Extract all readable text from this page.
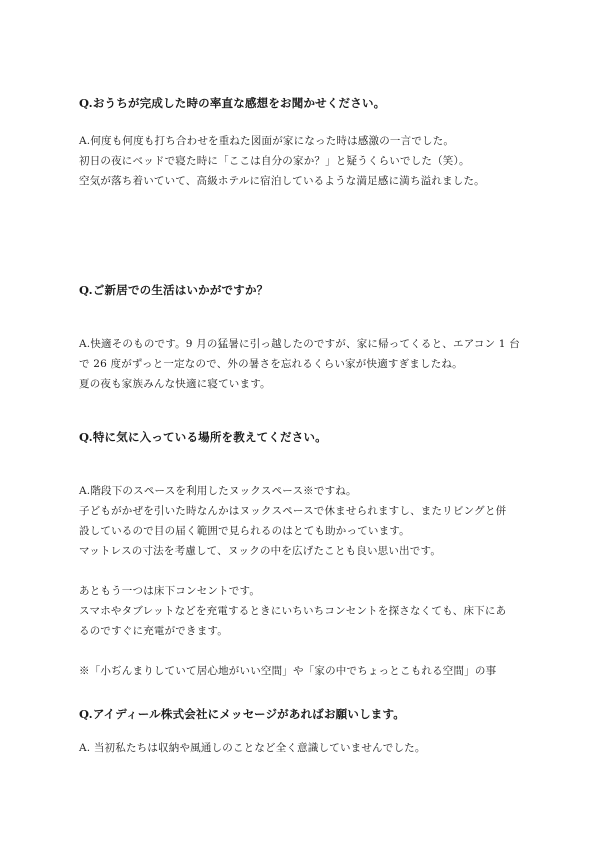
Q.おうちが完成した時の率直な感想をお聞かせください。
A.何度も何度も打ち合わせを重ねた図面が家になった時は感激の一言でした。
初日の夜にベッドで寝た時に「ここは自分の家か？」と疑うくらいでした（笑）。
空気が落ち着いていて、高級ホテルに宿泊しているような満足感に満ち溢れました。
Q.ご新居での生活はいかがですか？
A.快適そのものです。9 月の猛暑に引っ越したのですが、家に帰ってくると、エアコン 1 台
で 26 度がずっと一定なので、外の暑さを忘れるくらい家が快適すぎましたね。
夏の夜も家族みんな快適に寝ています。
Q.特に気に入っている場所を教えてください。
A.階段下のスペースを利用したヌックスペース※ですね。
子どもがかぜを引いた時なんかはヌックスペースで休ませられますし、またリビングと併
設しているので目の届く範囲で見られるのはとても助かっています。
マットレスの寸法を考慮して、ヌックの中を広げたことも良い思い出です。
あともう一つは床下コンセントです。
スマホやタブレットなどを充電するときにいちいちコンセントを探さなくても、床下にあ
るのですぐに充電ができます。
※「小ぢんまりしていて居心地がいい空間」や「家の中でちょっとこもれる空間」の事
Q.アイディール株式会社にメッセージがあればお願いします。
A. 当初私たちは収納や風通しのことなど全く意識していませんでした。
